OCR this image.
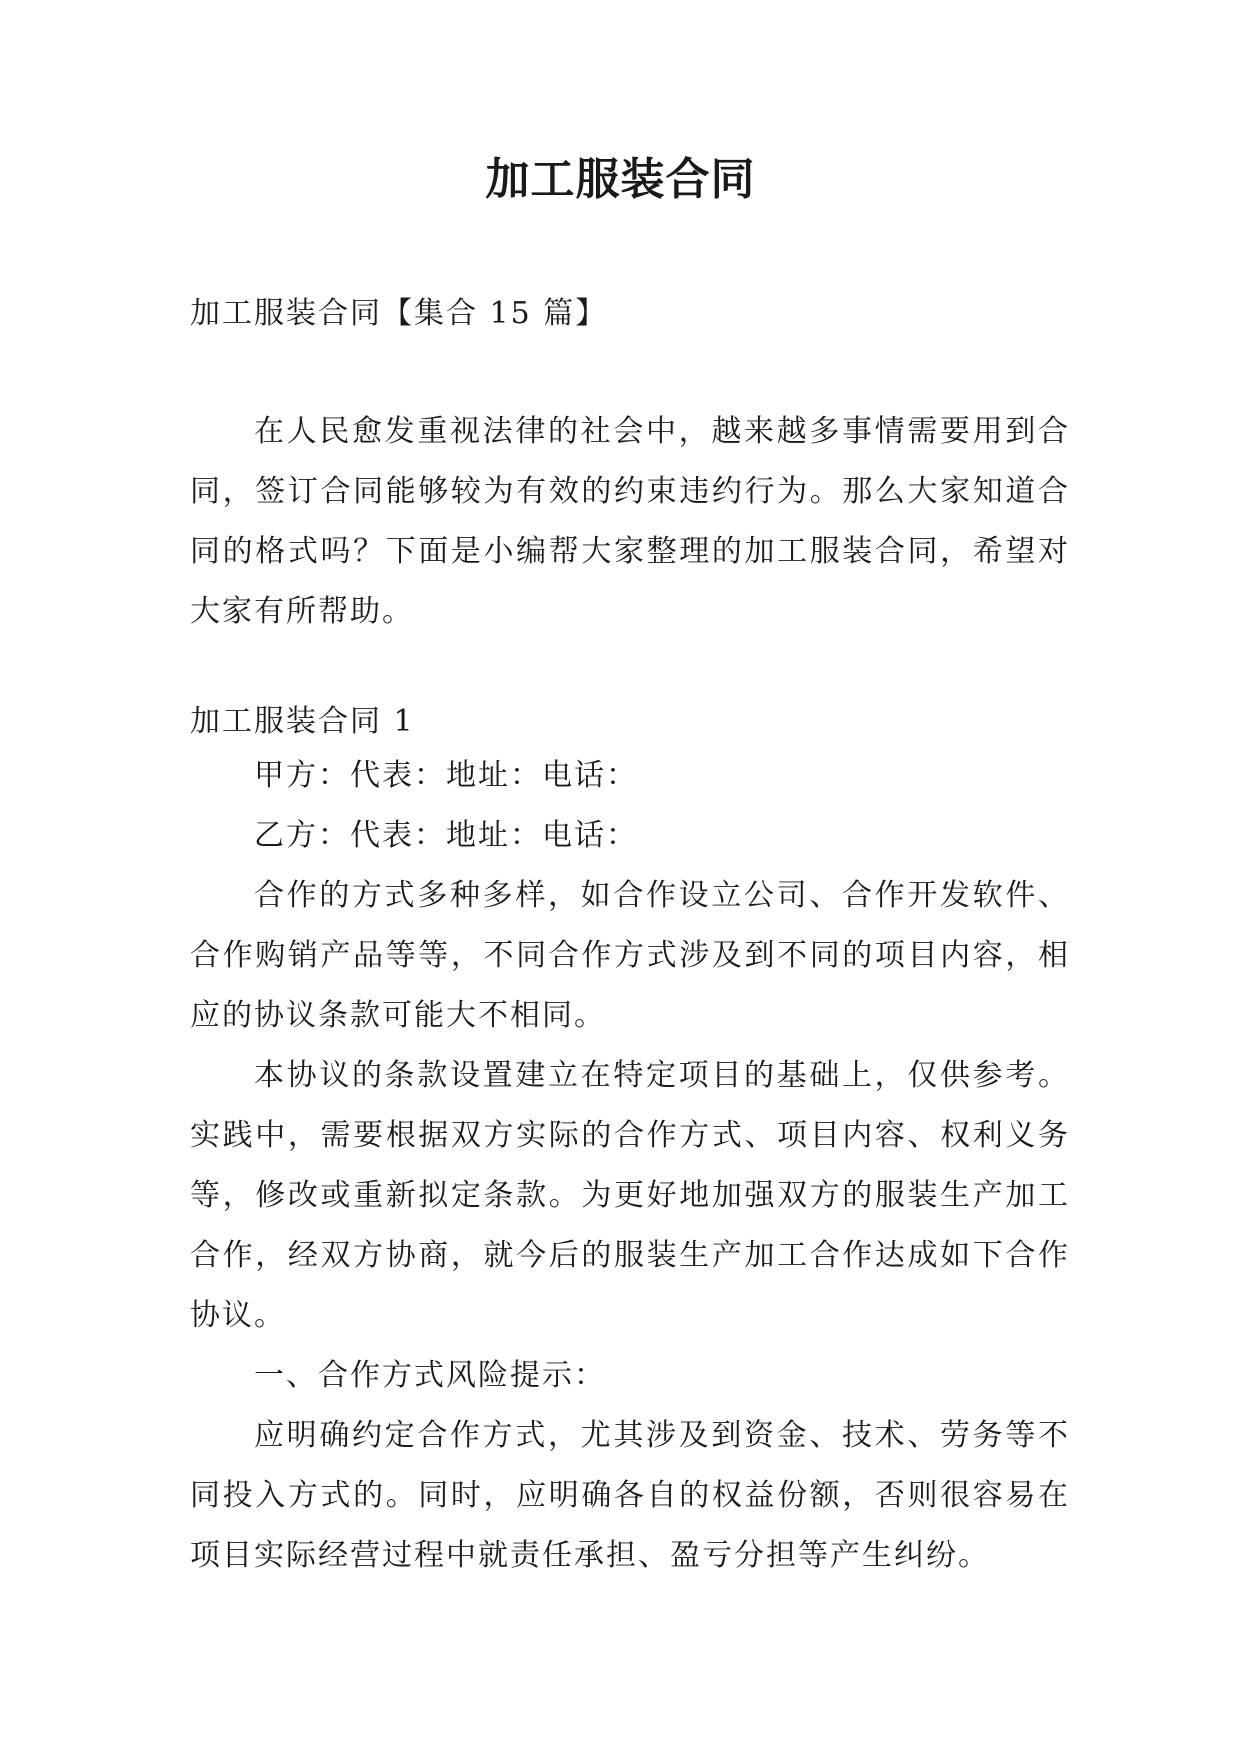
加工服装合同
加工服装合同【集合 15 篇】

在人民愈发重视法律的社会中，越来越多事情需要用到合同，签订合同能够较为有效的约束违约行为。那么大家知道合同的格式吗？下面是小编帮大家整理的加工服装合同，希望对大家有所帮助。

加工服装合同 1

甲方：代表：地址：电话：

乙方：代表：地址：电话：

合作的方式多种多样，如合作设立公司、合作开发软件、合作购销产品等等，不同合作方式涉及到不同的项目内容，相应的协议条款可能大不相同。

本协议的条款设置建立在特定项目的基础上，仅供参考。实践中，需要根据双方实际的合作方式、项目内容、权利义务等，修改或重新拟定条款。为更好地加强双方的服装生产加工合作，经双方协商，就今后的服装生产加工合作达成如下合作协议。

一、合作方式风险提示：

应明确约定合作方式，尤其涉及到资金、技术、劳务等不同投入方式的。同时，应明确各自的权益份额，否则很容易在项目实际经营过程中就责任承担、盈亏分担等产生纠纷。
